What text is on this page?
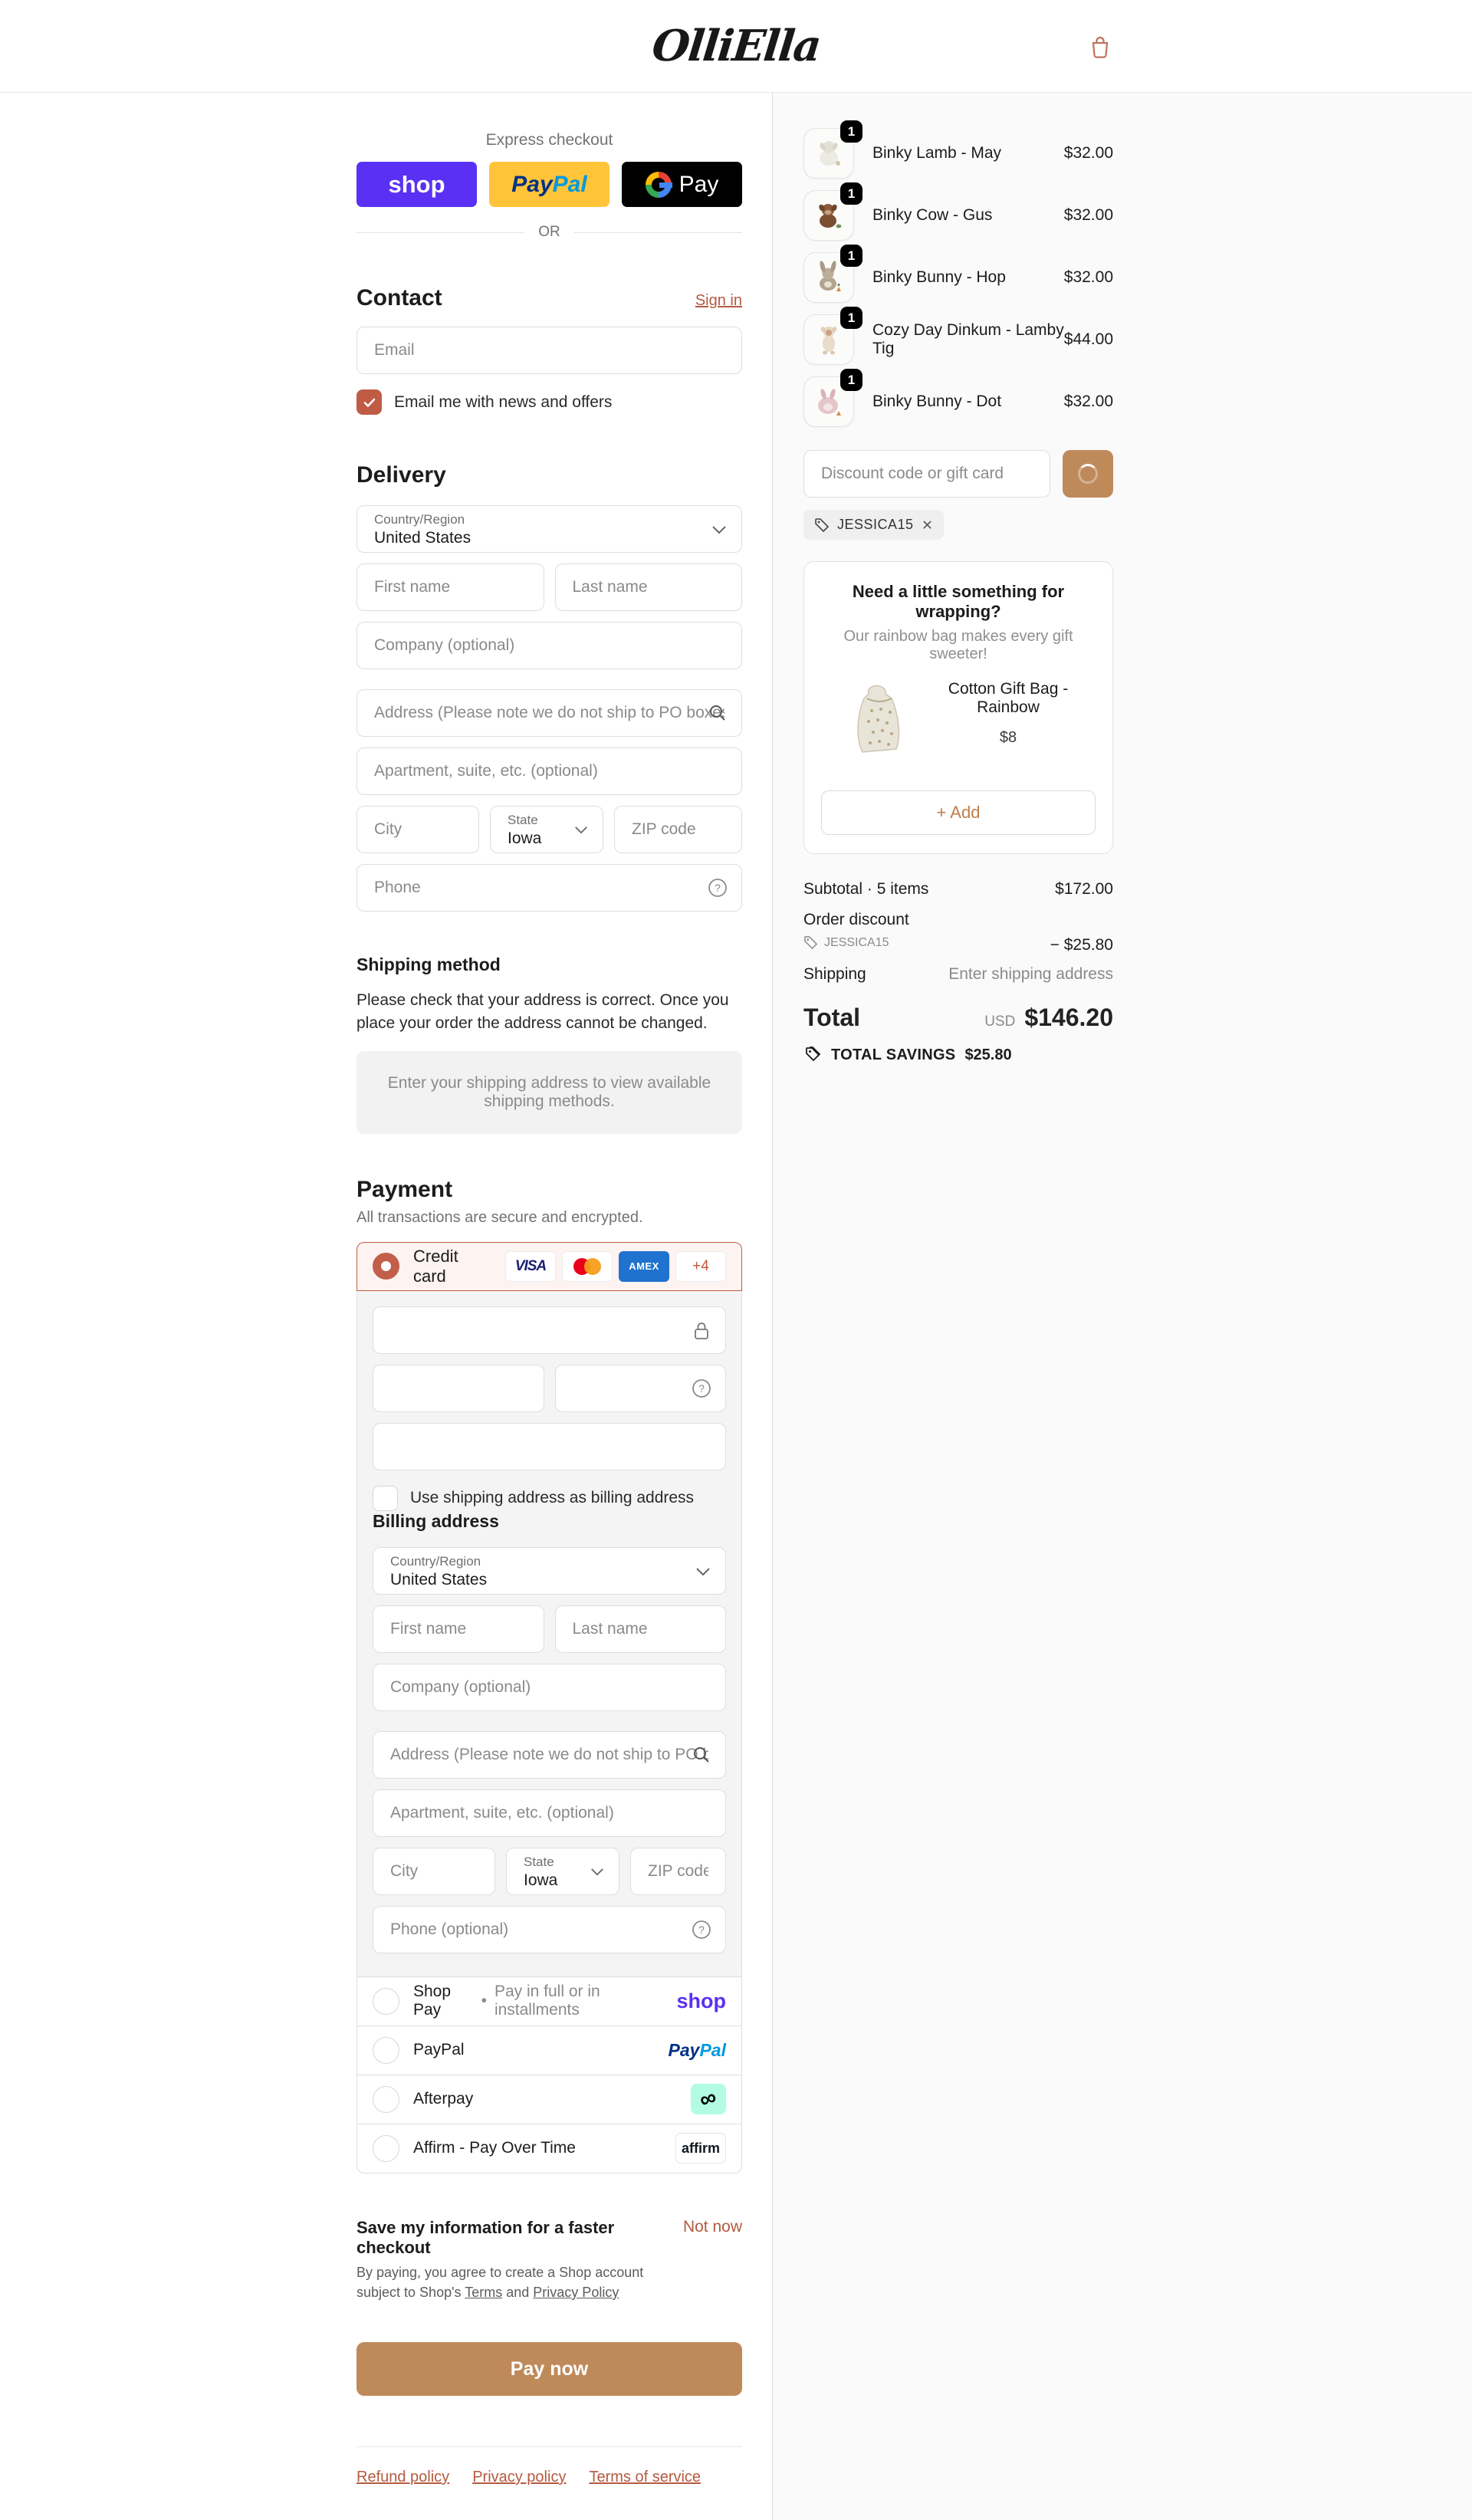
OlliElla
Express checkout
shop	PayPal	Pay
OR
Contact	Sign in
Email
Email me with news and offers
Delivery
Country/Region
United States
First name
Last name
Company (optional)
Address (Please note we do not ship to PO boxes)
Apartment, suite, etc. (optional)
City
State
Iowa
ZIP code
Phone
?
Shipping method
Please check that your address is correct. Once you place your order the address cannot be changed.
Enter your shipping address to view available shipping methods.
Payment
All transactions are secure and encrypted.
Credit card
VISA	AMEX +4
?
Use shipping address as billing address
Billing address
Country/Region
United States
First name
Last name
Company (optional)
Address (Please note we do not ship to PO boxes)
Apartment, suite, etc. (optional)
City
State
Iowa
ZIP code
Phone (optional)
?
Shop Pay
•
Pay in full or in installments	shop
PayPal	PayPal
Afterpay	∞
Affirm - Pay Over Time	affirm
Save my information for a faster checkout
By paying, you agree to create a Shop account subject to Shop's Terms and Privacy Policy
Not now
Pay now
Refund policy Privacy policy Terms of service
1
Binky Lamb - May	$32.00
1
Binky Cow - Gus	$32.00
1
Binky Bunny - Hop	$32.00
1
Cozy Day Dinkum - Lamby Tig
$44.00
1
Binky Bunny - Dot	$32.00
Discount code or gift card
JESSICA15
Need a little something for wrapping?
Our rainbow bag makes every gift sweeter!
Cotton Gift Bag - Rainbow
$8
+ Add
Subtotal · 5 items	$172.00
Order discount
JESSICA15	− $25.80
Shipping	Enter shipping address
Total	USD $146.20
TOTAL SAVINGS $25.80
